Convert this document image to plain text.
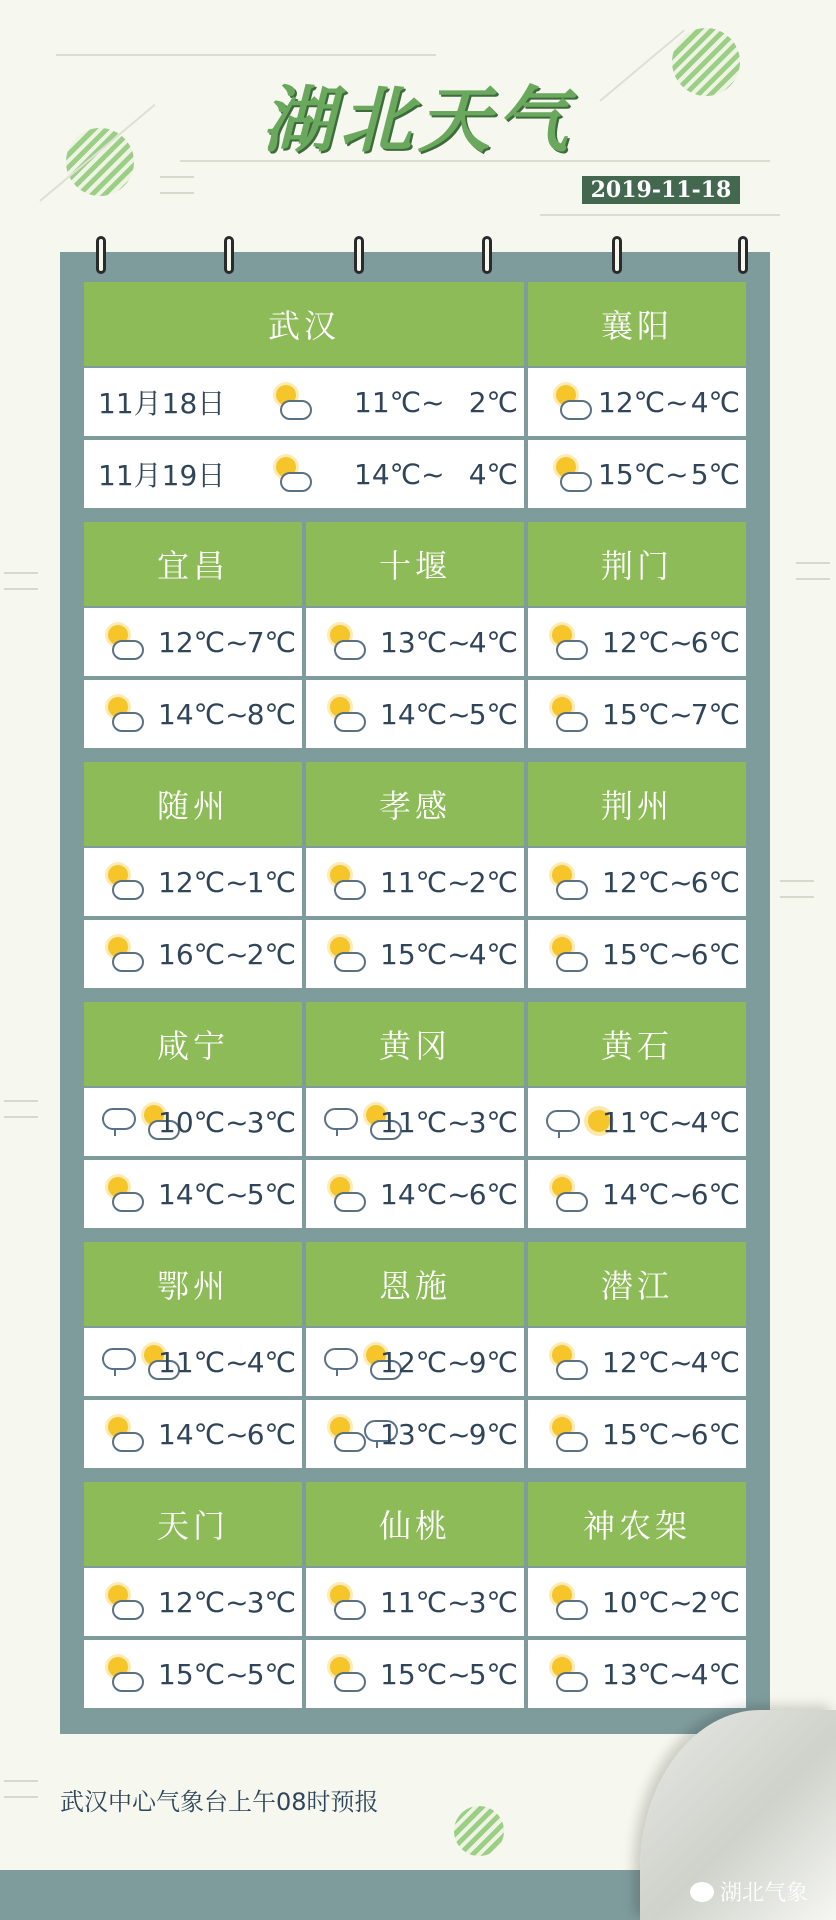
湖北天气
2019-11-18
武汉
11月18日	11℃~ 2℃
11月19日	14℃~ 4℃
襄阳
12℃~ 4℃
15℃~ 5℃
宜昌
12℃~
7℃
14℃~
8℃
十堰
13℃~
4℃
14℃~
5℃
荆门
12℃~
6℃
15℃~
7℃
随州
12℃~
1℃
16℃~
2℃
孝感
11℃~
2℃
15℃~
4℃
荆州
12℃~
6℃
15℃~
6℃
咸宁
10℃~
3℃
14℃~
5℃
黄冈
11℃~
3℃
14℃~
6℃
黄石
11℃~
4℃
14℃~
6℃
鄂州
11℃~
4℃
14℃~
6℃
恩施
12℃~
9℃
13℃~
9℃
潜江
12℃~
4℃
15℃~
6℃
天门
12℃~
3℃
15℃~
5℃
仙桃
11℃~
3℃
15℃~
5℃
神农架
10℃~
2℃
13℃~
4℃
武汉中心气象台上午08时预报
湖北气象
